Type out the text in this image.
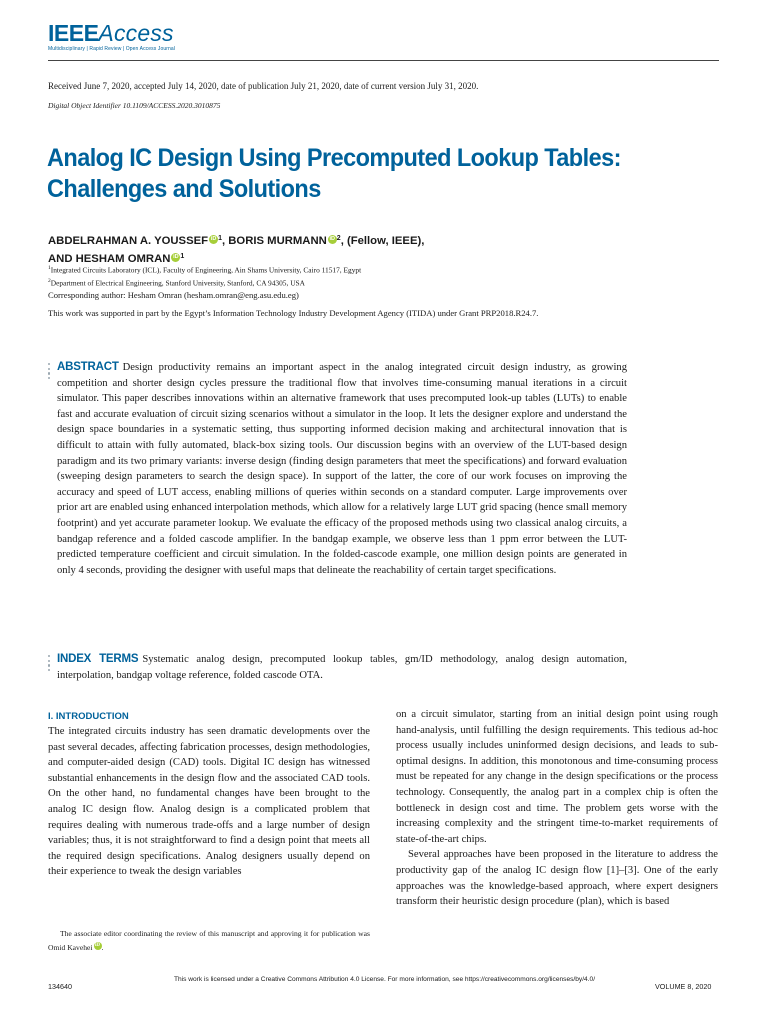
IEEEAccess
Multidisciplinary | Rapid Review | Open Access Journal
Received June 7, 2020, accepted July 14, 2020, date of publication July 21, 2020, date of current version July 31, 2020.
Digital Object Identifier 10.1109/ACCESS.2020.3010875
Analog IC Design Using Precomputed Lookup Tables: Challenges and Solutions
ABDELRAHMAN A. YOUSSEF iD $^1$, BORIS MURMANN iD $^2$, (Fellow, IEEE),
AND HESHAM OMRAN iD $^1$
$^1$Integrated Circuits Laboratory (ICL), Faculty of Engineering, Ain Shams University, Cairo 11517, Egypt
$^2$Department of Electrical Engineering, Stanford University, Stanford, CA 94305, USA
Corresponding author: Hesham Omran (hesham.omran@eng.asu.edu.eg)
This work was supported in part by the Egypt’s Information Technology Industry Development Agency (ITIDA) under Grant PRP2018.R24.7.
ABSTRACT Design productivity remains an important aspect in the analog integrated circuit design industry, as growing competition and shorter design cycles pressure the traditional flow that involves time-consuming manual iterations in a circuit simulator. This paper describes innovations within an alternative framework that uses precomputed look-up tables (LUTs) to enable fast and accurate evaluation of circuit sizing scenarios without a simulator in the loop. It lets the designer explore and understand the design space boundaries in a systematic setting, thus supporting informed decision making and architectural innovation that is difficult to attain with fully automated, black-box sizing tools. Our discussion begins with an overview of the LUT-based design paradigm and its two primary variants: inverse design (finding design parameters that meet the specifications) and forward evaluation (sweeping design parameters to search the design space). In support of the latter, the core of our work focuses on improving the accuracy and speed of LUT access, enabling millions of queries within seconds on a standard computer. Large improvements over prior art are enabled using enhanced interpolation methods, which allow for a relatively large LUT grid spacing (hence small memory footprint) and yet accurate parameter lookup. We evaluate the efficacy of the proposed methods using two classical analog circuits, a bandgap reference and a folded cascode amplifier. In the bandgap example, we observe less than 1 ppm error between the LUT-predicted temperature coefficient and circuit simulation. In the folded-cascode example, one million design points are generated in only 4 seconds, providing the designer with useful maps that delineate the reachability of certain target specifications.
INDEX TERMS Systematic analog design, precomputed lookup tables, gm/ID methodology, analog design automation, interpolation, bandgap voltage reference, folded cascode OTA.
I. INTRODUCTION

The integrated circuits industry has seen dramatic developments over the past several decades, affecting fabrication processes, design methodologies, and computer-aided design (CAD) tools. Digital IC design has witnessed substantial enhancements in the design flow and the associated CAD tools. On the other hand, no fundamental changes have been brought to the analog IC design flow. Analog design is a complicated problem that requires dealing with numerous trade-offs and a large number of design variables; thus, it is not straightforward to find a design point that meets all the required design specifications. Analog designers usually depend on their experience to tweak the design variables

on a circuit simulator, starting from an initial design point using rough hand-analysis, until fulfilling the design requirements. This tedious ad-hoc process usually includes uninformed design decisions, and leads to sub-optimal designs. In addition, this monotonous and time-consuming process must be repeated for any change in the design specifications or the process technology. Consequently, the analog part in a complex chip is often the bottleneck in design cost and time. The problem gets worse with the increasing complexity and the stringent time-to-market requirements of state-of-the-art chips.

Several approaches have been proposed in the literature to address the productivity gap of the analog IC design flow [1]–[3]. One of the early approaches was the knowledge-based approach, where expert designers transform their heuristic design procedure (plan), which is based

The associate editor coordinating the review of this manuscript and approving it for publication was Omid Kavehei iD .
134640
This work is licensed under a Creative Commons Attribution 4.0 License. For more information, see https://creativecommons.org/licenses/by/4.0/
VOLUME 8, 2020
